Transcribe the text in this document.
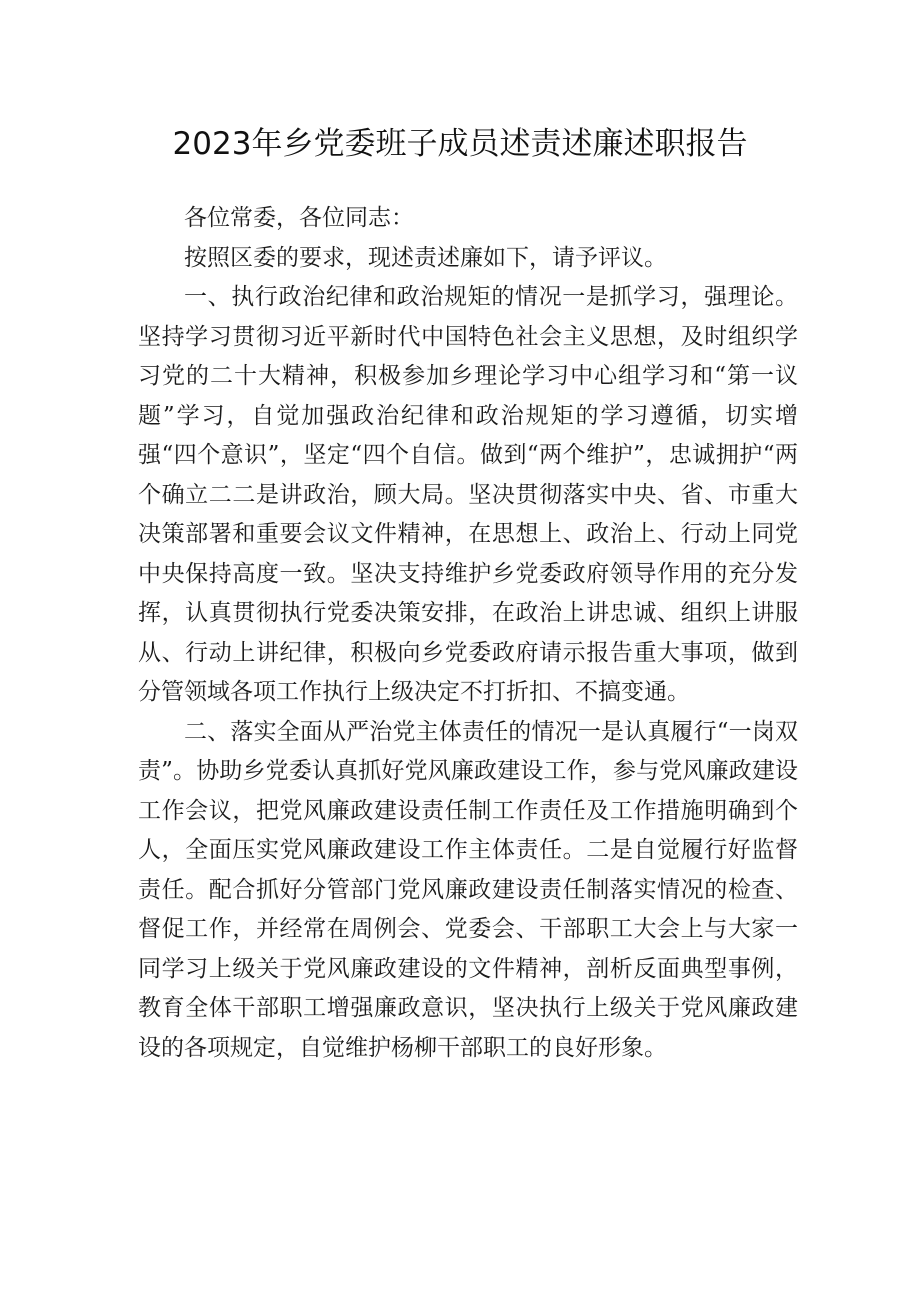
2023年乡党委班子成员述责述廉述职报告

各位常委，各位同志：

按照区委的要求，现述责述廉如下，请予评议。

一、执行政治纪律和政治规矩的情况一是抓学习，强理论。坚持学习贯彻习近平新时代中国特色社会主义思想，及时组织学习党的二十大精神，积极参加乡理论学习中心组学习和“第一议题”学习，自觉加强政治纪律和政治规矩的学习遵循，切实增强“四个意识”，坚定“四个自信。做到“两个维护”，忠诚拥护“两个确立二二是讲政治，顾大局。坚决贯彻落实中央、省、市重大决策部署和重要会议文件精神，在思想上、政治上、行动上同党中央保持高度一致。坚决支持维护乡党委政府领导作用的充分发挥，认真贯彻执行党委决策安排，在政治上讲忠诚、组织上讲服从、行动上讲纪律，积极向乡党委政府请示报告重大事项，做到分管领域各项工作执行上级决定不打折扣、不搞变通。

二、落实全面从严治党主体责任的情况一是认真履行“一岗双责”。协助乡党委认真抓好党风廉政建设工作，参与党风廉政建设工作会议，把党风廉政建设责任制工作责任及工作措施明确到个人，全面压实党风廉政建设工作主体责任。二是自觉履行好监督责任。配合抓好分管部门党风廉政建设责任制落实情况的检查、督促工作，并经常在周例会、党委会、干部职工大会上与大家一同学习上级关于党风廉政建设的文件精神，剖析反面典型事例，教育全体干部职工增强廉政意识，坚决执行上级关于党风廉政建设的各项规定，自觉维护杨柳干部职工的良好形象。
